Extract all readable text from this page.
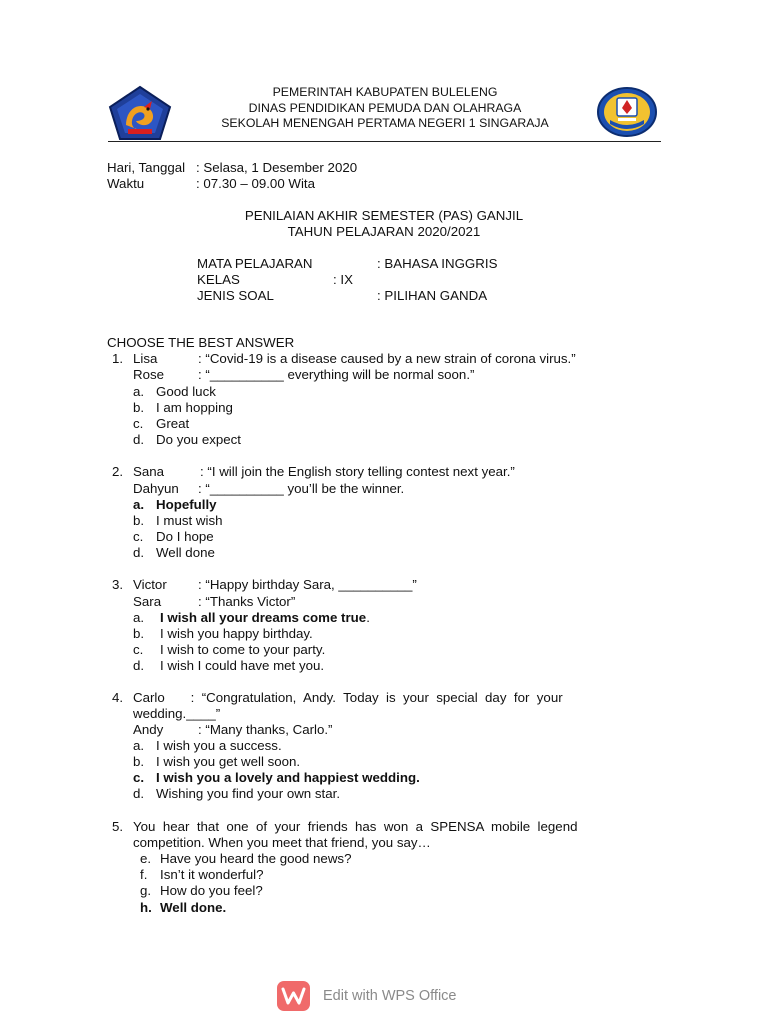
PEMERINTAH KABUPATEN BULELENG
DINAS PENDIDIKAN PEMUDA DAN OLAHRAGA
SEKOLAH MENENGAH PERTAMA NEGERI 1 SINGARAJA
Hari, Tanggal : Selasa, 1 Desember 2020
Waktu	: 07.30 – 09.00 Wita
PENILAIAN AKHIR SEMESTER (PAS) GANJIL
TAHUN PELAJARAN 2020/2021
MATA PELAJARAN	: BAHASA INGGRIS
KELAS	: IX
JENIS SOAL	: PILIHAN GANDA
CHOOSE THE BEST ANSWER
1. Lisa	: “Covid-19 is a disease caused by a new strain of corona virus.”
Rose	: “__________ everything will be normal soon.”
a. Good luck
b. I am hopping
c. Great
d. Do you expect
2. Sana	: “I will join the English story telling contest next year.”
Dahyun : “__________ you’ll be the winner.
a. Hopefully
b. I must wish
c. Do I hope
d. Well done
3. Victor : “Happy birthday Sara, __________”
Sara	: “Thanks Victor”
a. I wish all your dreams come true.
b. I wish you happy birthday.
c. I wish to come to your party.
d. I wish I could have met you.
4. Carlo       :  “Congratulation,  Andy.  Today  is  your  special  day  for  your
wedding.____”
Andy	: “Many thanks, Carlo.”
a. I wish you a success.
b. I wish you get well soon.
c. I wish you a lovely and happiest wedding.
d. Wishing you find your own star.
5. You  hear  that  one  of  your  friends  has  won  a  SPENSA  mobile  legend
competition. When you meet that friend, you say…
e. Have you heard the good news?
f. Isn’t it wonderful?
g. How do you feel?
h. Well done.
Edit with WPS Office
